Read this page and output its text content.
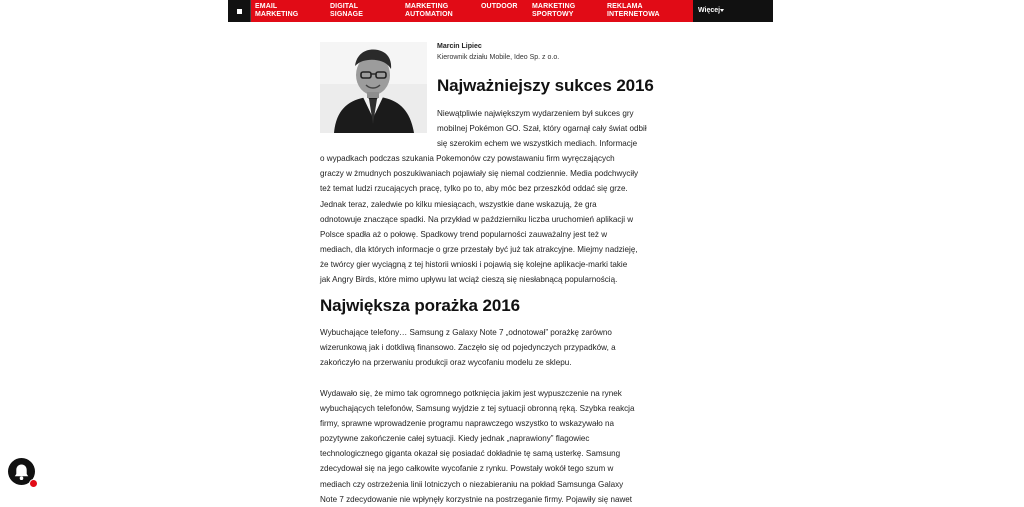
EMAIL
MARKETING
DIGITAL
SIGNAGE
MARKETING
AUTOMATION
OUTDOOR MARKETING
SPORTOWY
REKLAMA
INTERNETOWA
Więcej
Marcin Lipiec
Kierownik działu Mobile, Ideo Sp. z o.o.
Najważniejszy sukces 2016
Niewątpliwie największym wydarzeniem był sukces gry
mobilnej Pokémon GO. Szał, który ogarnął cały świat odbił
się szerokim echem we wszystkich mediach. Informacje
o wypadkach podczas szukania Pokemonów czy powstawaniu firm wyręczających
graczy w żmudnych poszukiwaniach pojawiały się niemal codziennie. Media podchwyciły
też temat ludzi rzucających pracę, tylko po to, aby móc bez przeszkód oddać się grze.
Jednak teraz, zaledwie po kilku miesiącach, wszystkie dane wskazują, że gra
odnotowuje znaczące spadki. Na przykład w październiku liczba uruchomień aplikacji w
Polsce spadła aż o połowę. Spadkowy trend popularności zauważalny jest też w
mediach, dla których informacje o grze przestały być już tak atrakcyjne. Miejmy nadzieję,
że twórcy gier wyciągną z tej historii wnioski i pojawią się kolejne aplikacje-marki takie
jak Angry Birds, które mimo upływu lat wciąż cieszą się niesłabnącą popularnością.
Największa porażka 2016
Wybuchające telefony… Samsung z Galaxy Note 7 „odnotował” porażkę zarówno
wizerunkową jak i dotkliwą finansowo. Zaczęło się od pojedynczych przypadków, a
zakończyło na przerwaniu produkcji oraz wycofaniu modelu ze sklepu.
Wydawało się, że mimo tak ogromnego potknięcia jakim jest wypuszczenie na rynek
wybuchających telefonów, Samsung wyjdzie z tej sytuacji obronną ręką. Szybka reakcja
firmy, sprawne wprowadzenie programu naprawczego wszystko to wskazywało na
pozytywne zakończenie całej sytuacji. Kiedy jednak „naprawiony” flagowiec
technologicznego giganta okazał się posiadać dokładnie tę samą usterkę. Samsung
zdecydował się na jego całkowite wycofanie z rynku. Powstały wokół tego szum w
mediach czy ostrzeżenia linii lotniczych o niezabieraniu na pokład Samsunga Galaxy
Note 7 zdecydowanie nie wpłynęły korzystnie na postrzeganie firmy. Pojawiły się nawet
